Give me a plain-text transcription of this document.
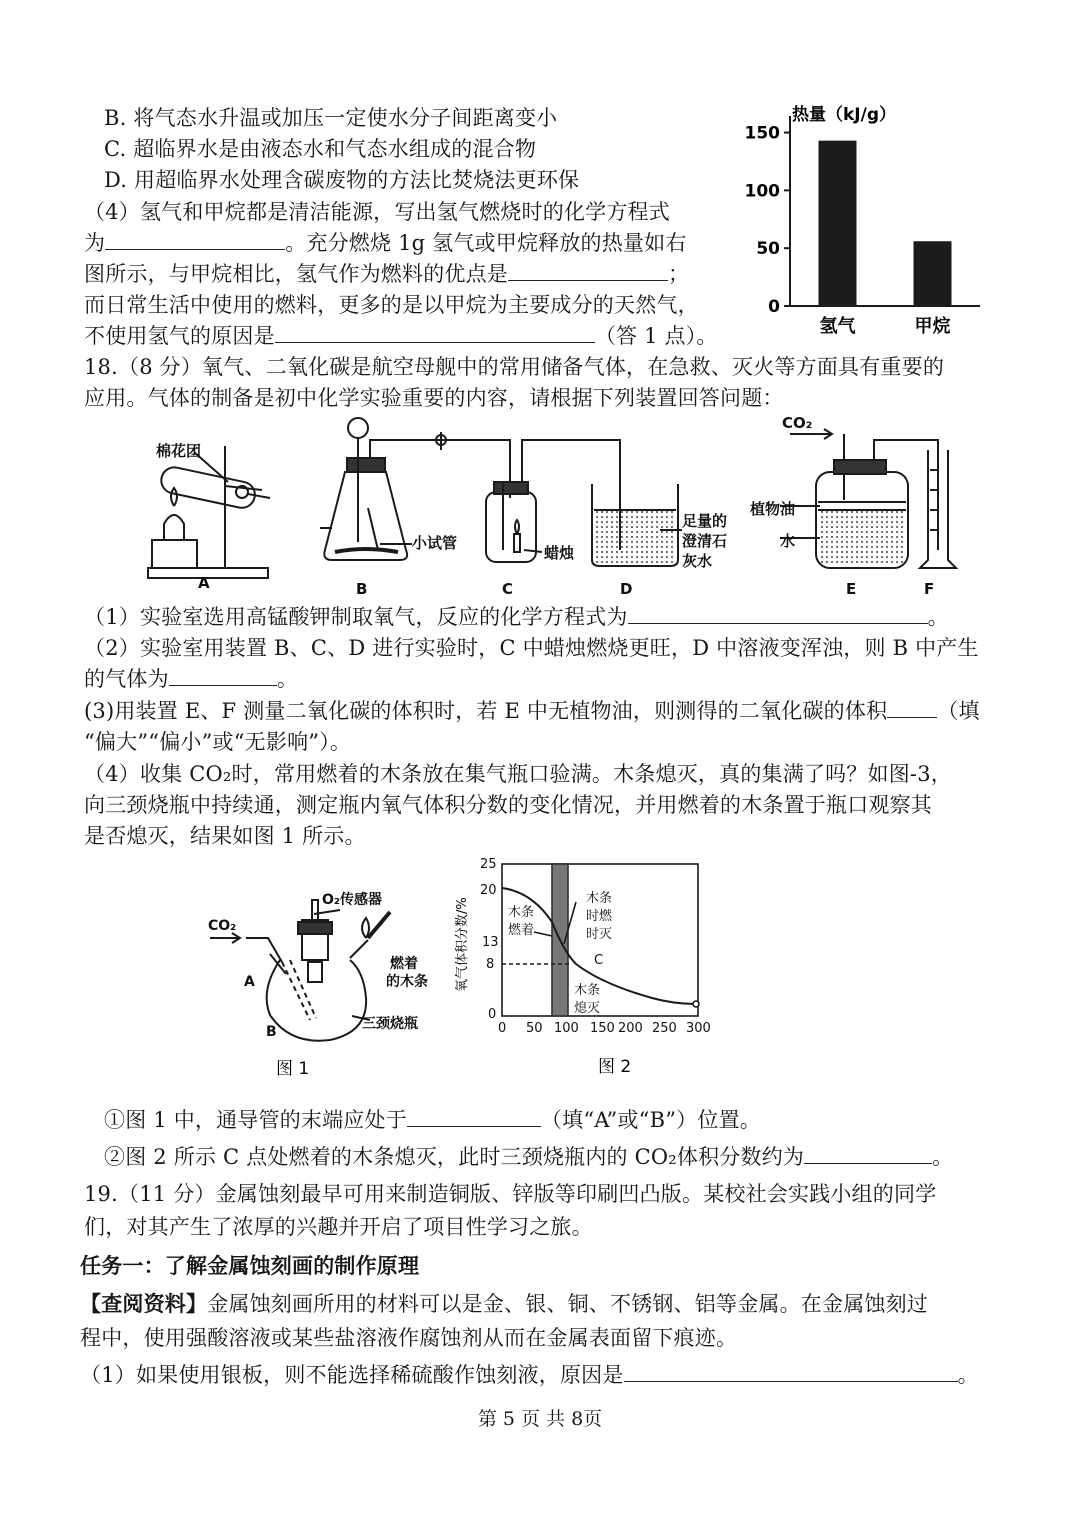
B. 将气态水升温或加压一定使水分子间距离变小
C. 超临界水是由液态水和气态水组成的混合物
D. 用超临界水处理含碳废物的方法比焚烧法更环保
（4）氢气和甲烷都是清洁能源，写出氢气燃烧时的化学方程式
为	。充分燃烧 1g 氢气或甲烷释放的热量如右
图所示，与甲烷相比，氢气作为燃料的优点是	；
而日常生活中使用的燃料，更多的是以甲烷为主要成分的天然气，
不使用氢气的原因是	（答 1 点）。
热量（kJ/g）
0
50
100
150
氢气	甲烷
18.（8 分）氧气、二氧化碳是航空母舰中的常用储备气体，在急救、灭火等方面具有重要的
应用。气体的制备是初中化学实验重要的内容，请根据下列装置回答问题：
棉花团
小试管
蜡烛
足量的
澄清石
灰水
植物油
水
CO₂
A	B	C	D	E	F
（1）实验室选用高锰酸钾制取氧气，反应的化学方程式为	。
（2）实验室用装置 B、C、D 进行实验时，C 中蜡烛燃烧更旺，D 中溶液变浑浊，则 B 中产生
的气体为	。
(3)用装置 E、F 测量二氧化碳的体积时，若 E 中无植物油，则测得的二氧化碳的体积 （填
“偏大”“偏小”或“无影响”）。
（4）收集 CO₂时，常用燃着的木条放在集气瓶口验满。木条熄灭，真的集满了吗？如图-3，
向三颈烧瓶中持续通，测定瓶内氧气体积分数的变化情况，并用燃着的木条置于瓶口观察其
是否熄灭，结果如图 1 所示。
CO₂
O₂传感器
燃着
的木条
三颈烧瓶
A
B
图 1
25
20
13
8
0
0 50 100 150 200 250 300
木条
燃着
木条
时燃
时灭
木条
熄灭
C
氧气体积分数/%
图 2
①图 1 中，通导管的末端应处于	（填“A”或“B”）位置。
②图 2 所示 C 点处燃着的木条熄灭，此时三颈烧瓶内的 CO₂体积分数约为	。
19.（11 分）金属蚀刻最早可用来制造铜版、锌版等印刷凹凸版。某校社会实践小组的同学
们，对其产生了浓厚的兴趣并开启了项目性学习之旅。
任务一：了解金属蚀刻画的制作原理
【查阅资料】金属蚀刻画所用的材料可以是金、银、铜、不锈钢、铝等金属。在金属蚀刻过
程中，使用强酸溶液或某些盐溶液作腐蚀剂从而在金属表面留下痕迹。
（1）如果使用银板，则不能选择稀硫酸作蚀刻液，原因是	。
第 5 页 共 8页
